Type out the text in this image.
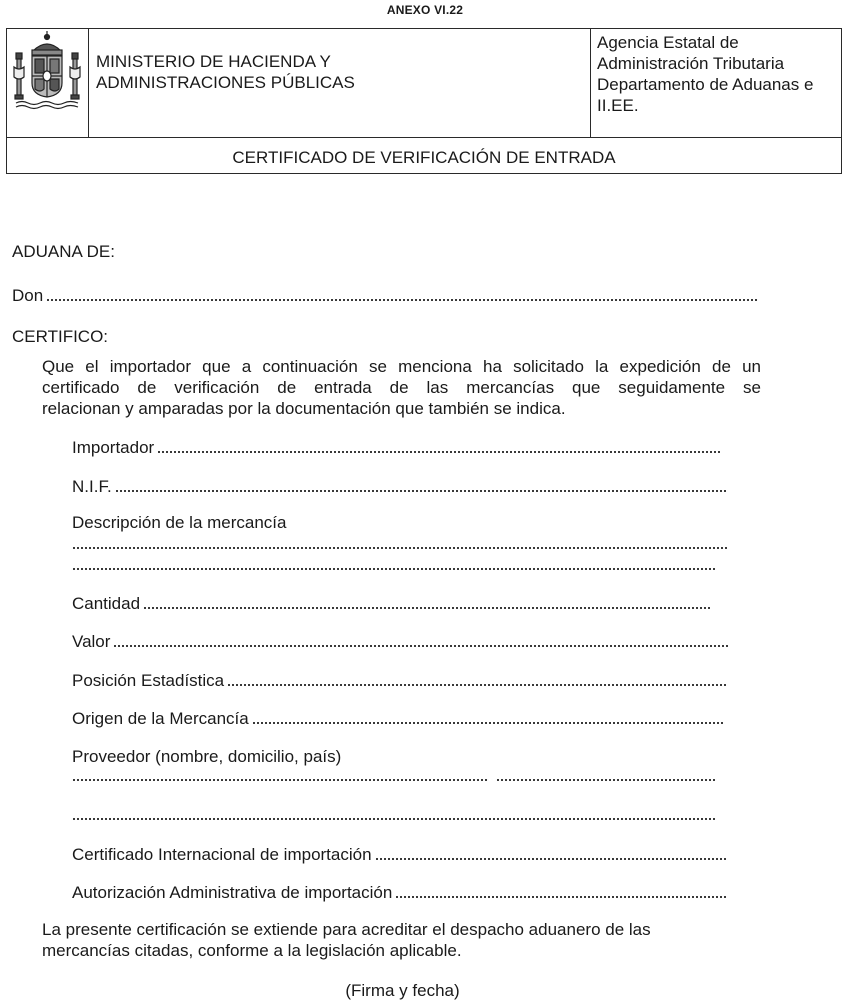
ANEXO VI.22
MINISTERIO DE HACIENDA Y
ADMINISTRACIONES PÚBLICAS
Agencia Estatal de
Administración Tributaria
Departamento de Aduanas e
II.EE.
CERTIFICADO DE VERIFICACIÓN DE ENTRADA
ADUANA DE:
Don
CERTIFICO:
Que el importador que a continuación se menciona ha solicitado la expedición de un
certificado de verificación de entrada de las mercancías que seguidamente se
relacionan y amparadas por la documentación que también se indica.
Importador
N.I.F.
Descripción de la mercancía
Cantidad
Valor
Posición Estadística
Origen de la Mercancía
Proveedor (nombre, domicilio, país)
Certificado Internacional de importación
Autorización Administrativa de importación
La presente certificación se extiende para acreditar el despacho aduanero de las
mercancías citadas, conforme a la legislación aplicable.
(Firma y fecha)
